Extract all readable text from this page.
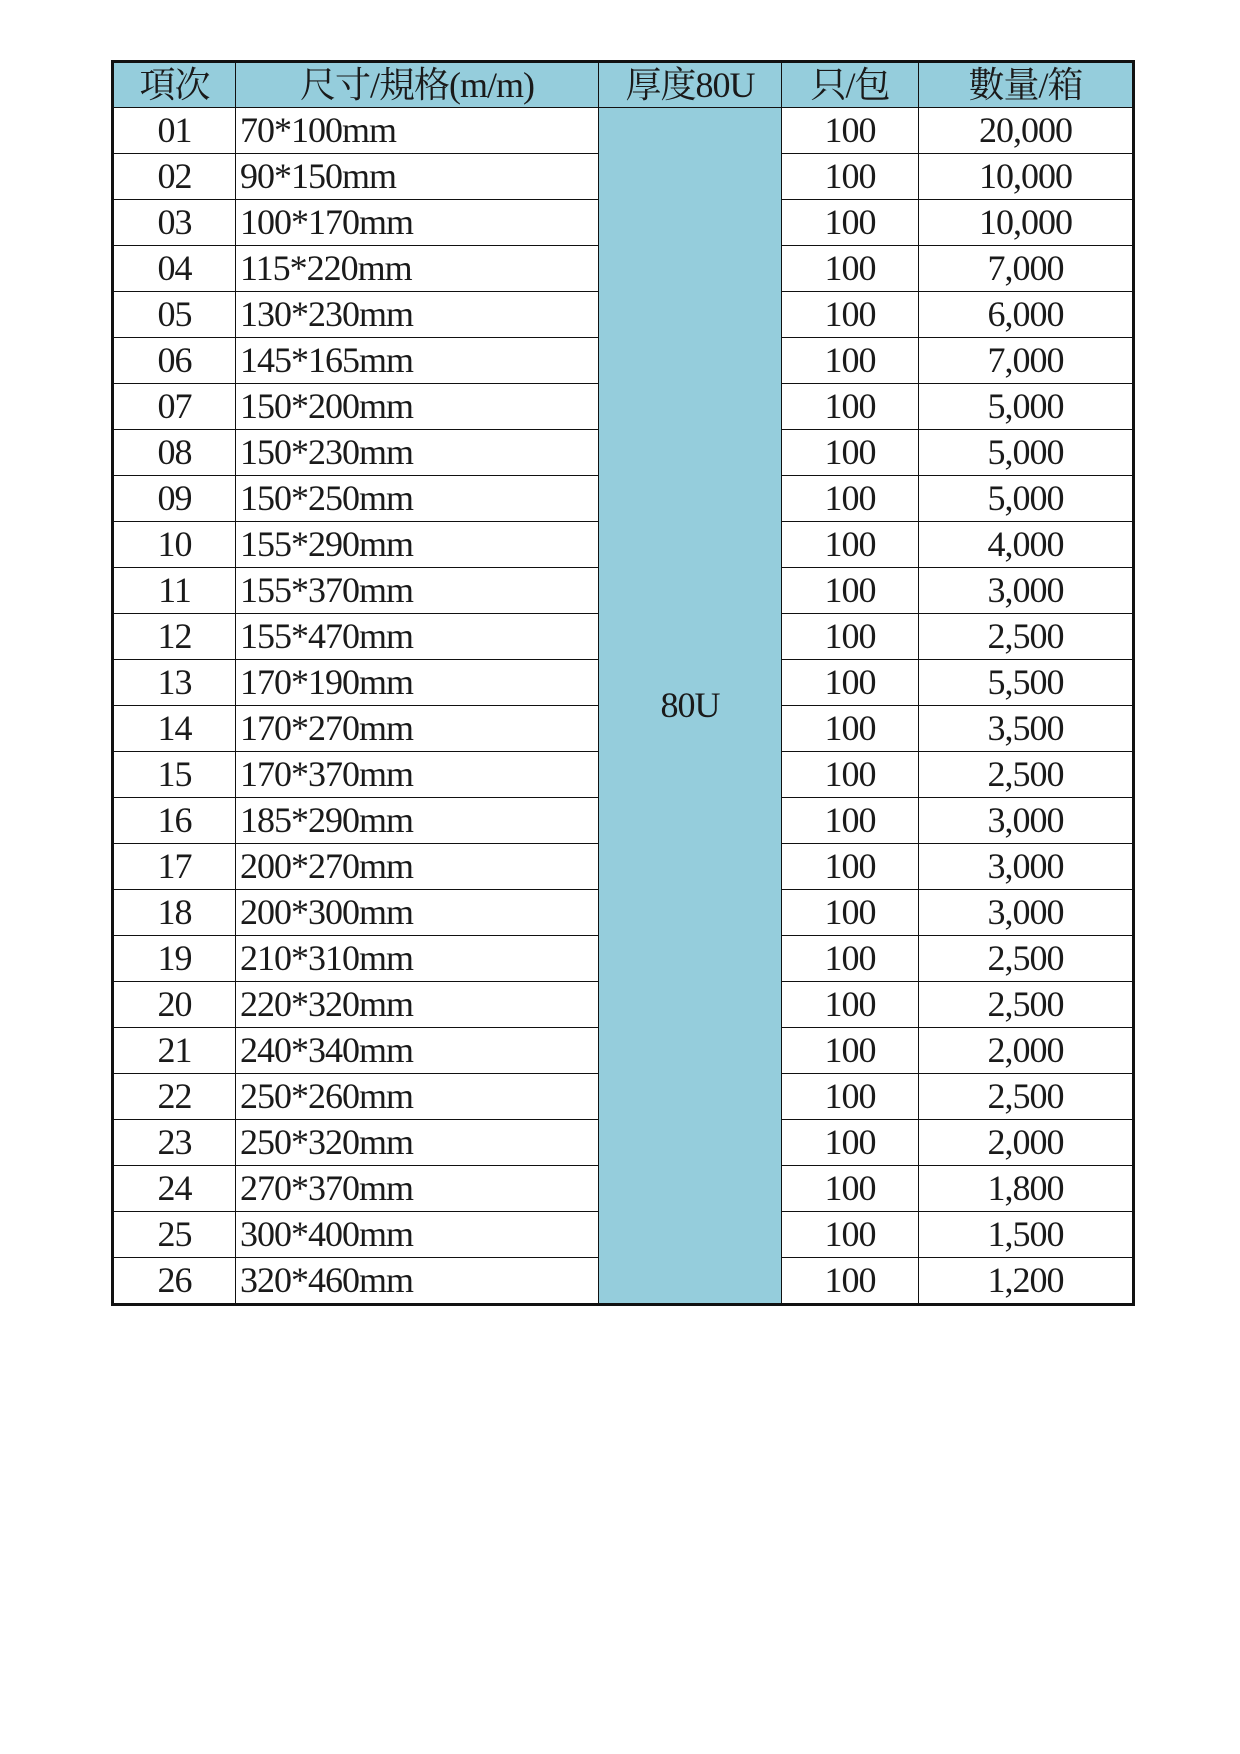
項次	尺寸/規格(m/m)	厚度80U	只/包	數量/箱
01	70*100mm	80U	100	20,000
02	90*150mm		100	10,000
03	100*170mm		100	10,000
04	115*220mm		100	7,000
05	130*230mm		100	6,000
06	145*165mm		100	7,000
07	150*200mm		100	5,000
08	150*230mm		100	5,000
09	150*250mm		100	5,000
10	155*290mm		100	4,000
11	155*370mm		100	3,000
12	155*470mm		100	2,500
13	170*190mm		100	5,500
14	170*270mm		100	3,500
15	170*370mm		100	2,500
16	185*290mm		100	3,000
17	200*270mm		100	3,000
18	200*300mm		100	3,000
19	210*310mm		100	2,500
20	220*320mm		100	2,500
21	240*340mm		100	2,000
22	250*260mm		100	2,500
23	250*320mm		100	2,000
24	270*370mm		100	1,800
25	300*400mm		100	1,500
26	320*460mm		100	1,200
